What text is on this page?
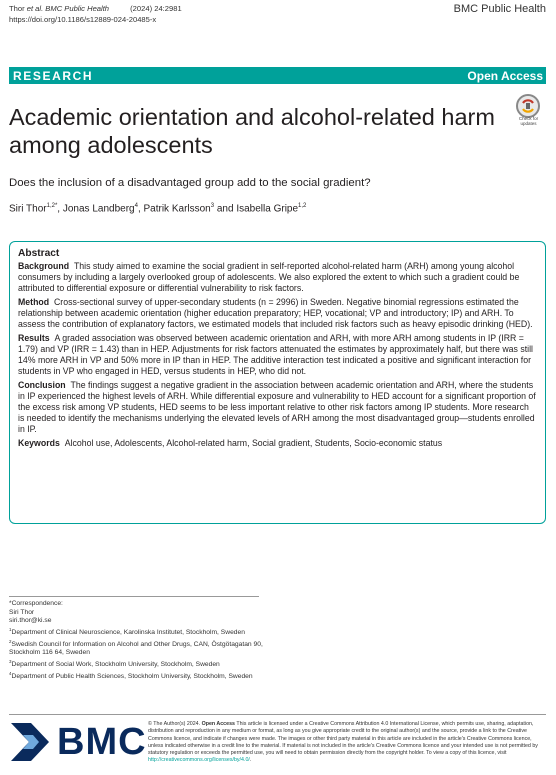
Thor et al. BMC Public Health	(2024) 24:2981
https://doi.org/10.1186/s12889-024-20485-x
BMC Public Health
RESEARCH	Open Access
Academic orientation and alcohol-related harm among adolescents
Check for
updates
Does the inclusion of a disadvantaged group add to the social gradient?
Siri Thor$^{1,2*}$, Jonas Landberg$^4$, Patrik Karlsson$^3$ and Isabella Gripe$^{1,2}$
Abstract

Background This study aimed to examine the social gradient in self-reported alcohol-related harm (ARH) among young alcohol consumers by including a largely overlooked group of adolescents. We also explored the extent to which such a gradient could be attributed to differential exposure or differential vulnerability to risk factors.

Method Cross-sectional survey of upper-secondary students (n = 2996) in Sweden. Negative binomial regressions estimated the relationship between academic orientation (higher education preparatory; HEP, vocational; VP and introductory; IP) and ARH. To assess the contribution of explanatory factors, we estimated models that included risk factors such as heavy episodic drinking (HED).

Results A graded association was observed between academic orientation and ARH, with more ARH among students in IP (IRR = 1.79) and VP (IRR = 1.43) than in HEP. Adjustments for risk factors attenuated the estimates by approximately half, but there was still 14% more ARH in VP and 50% more in IP than in HEP. The additive interaction test indicated a positive and significant interaction for students in VP who engaged in HED, versus students in HEP, who did not.

Conclusion The findings suggest a negative gradient in the association between academic orientation and ARH, where the students in IP experienced the highest levels of ARH. While differential exposure and vulnerability to HED account for a significant proportion of the excess risk among VP students, HED seems to be less important relative to other risk factors among IP students. More research is needed to identify the mechanisms underlying the elevated levels of ARH among the most disadvantaged group—students enrolled in IP.

Keywords Alcohol use, Adolescents, Alcohol-related harm, Social gradient, Students, Socio-economic status

*Correspondence:
Siri Thor
siri.thor@ki.se
$^1$Department of Clinical Neuroscience, Karolinska Institutet, Stockholm, Sweden
$^2$Swedish Council for Information on Alcohol and Other Drugs, CAN, Östgötagatan 90, Stockholm 116 64, Sweden
$^3$Department of Social Work, Stockholm University, Stockholm, Sweden
$^4$Department of Public Health Sciences, Stockholm University, Stockholm, Sweden
BMC © The Author(s) 2024. Open Access This article is licensed under a Creative Commons Attribution 4.0 International License, which permits use, sharing, adaptation, distribution and reproduction in any medium or format, as long as you give appropriate credit to the original author(s) and the source, provide a link to the Creative Commons licence, and indicate if changes were made. The images or other third party material in this article are included in the article's Creative Commons licence, unless indicated otherwise in a credit line to the material. If material is not included in the article's Creative Commons licence and your intended use is not permitted by statutory regulation or exceeds the permitted use, you will need to obtain permission directly from the copyright holder. To view a copy of this licence, visit http://creativecommons.org/licenses/by/4.0/.
